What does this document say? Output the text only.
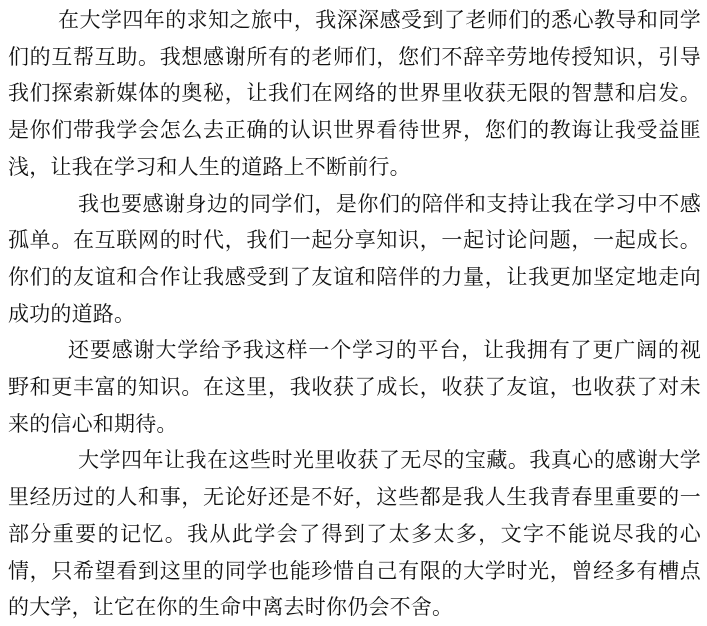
在大学四年的求知之旅中，我深深感受到了老师们的悉心教导和同学们的互帮互助。我想感谢所有的老师们，您们不辞辛劳地传授知识，引导我们探索新媒体的奥秘，让我们在网络的世界里收获无限的智慧和启发。是你们带我学会怎么去正确的认识世界看待世界，您们的教诲让我受益匪浅，让我在学习和人生的道路上不断前行。

我也要感谢身边的同学们，是你们的陪伴和支持让我在学习中不感孤单。在互联网的时代，我们一起分享知识，一起讨论问题，一起成长。你们的友谊和合作让我感受到了友谊和陪伴的力量，让我更加坚定地走向成功的道路。

还要感谢大学给予我这样一个学习的平台，让我拥有了更广阔的视野和更丰富的知识。在这里，我收获了成长，收获了友谊，也收获了对未来的信心和期待。

大学四年让我在这些时光里收获了无尽的宝藏。我真心的感谢大学里经历过的人和事，无论好还是不好，这些都是我人生我青春里重要的一部分重要的记忆。我从此学会了得到了太多太多，文字不能说尽我的心情，只希望看到这里的同学也能珍惜自己有限的大学时光，曾经多有槽点的大学，让它在你的生命中离去时你仍会不舍。
